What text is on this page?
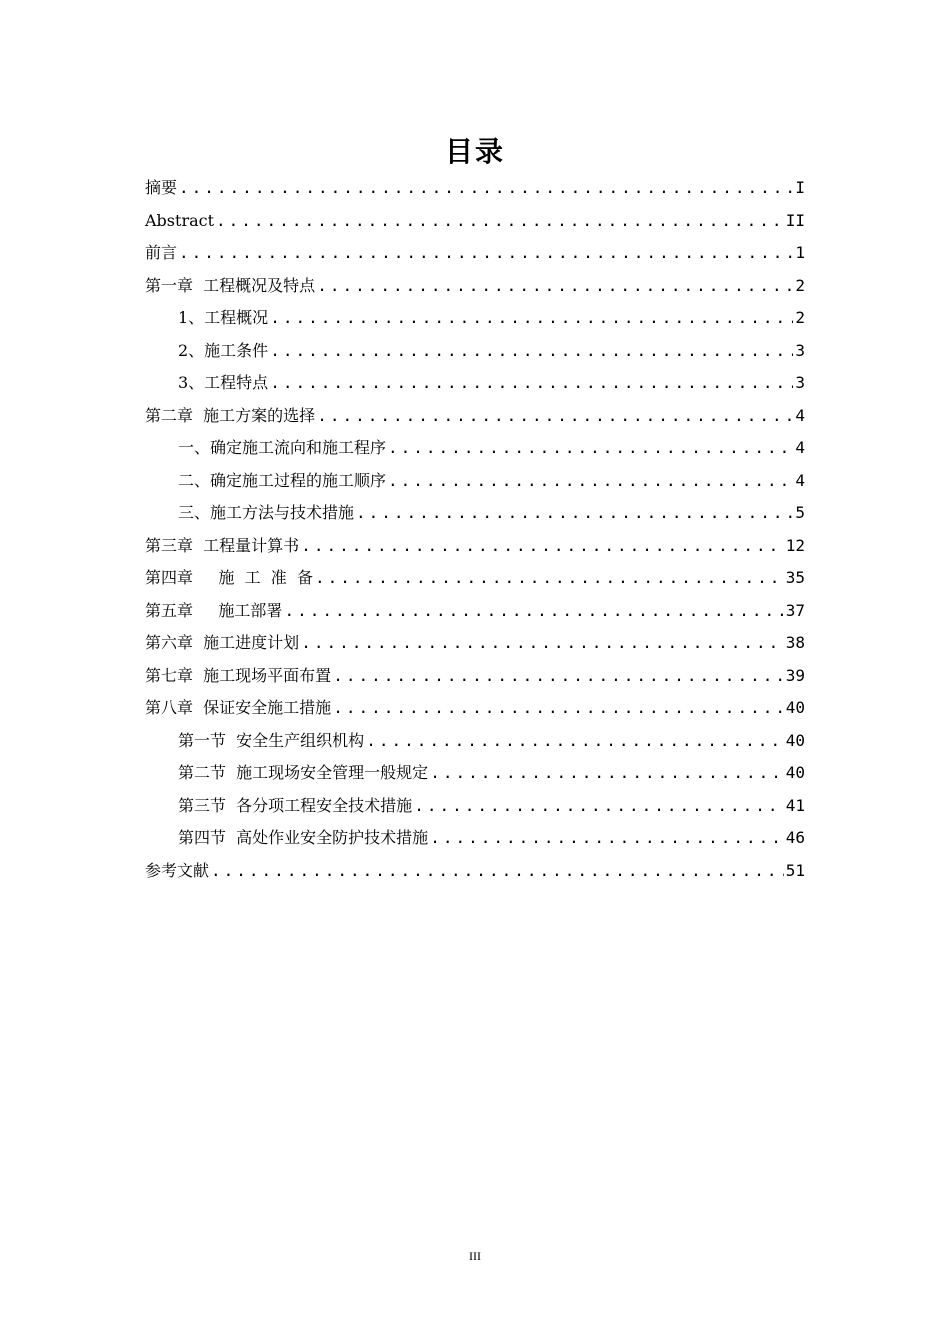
目录
摘要 .....	I
Abstract .....	II
前言 .....	1
第一章  工程概况及特点 .....	2
1、工程概况 .....	2
2、施工条件 .....	3
3、工程特点 .....	3
第二章  施工方案的选择 .....	4
一、确定施工流向和施工程序 .....	4
二、确定施工过程的施工顺序 .....	4
三、施工方法与技术措施 .....	5
第三章  工程量计算书 .....	12
第四章     施  工  准  备 .....	35
第五章     施工部署 .....	37
第六章  施工进度计划 .....	38
第七章  施工现场平面布置 .....	39
第八章  保证安全施工措施 .....	40
第一节  安全生产组织机构 .....	40
第二节  施工现场安全管理一般规定 .....	40
第三节  各分项工程安全技术措施 .....	41
第四节  高处作业安全防护技术措施 .....	46
参考文献 .....	51
III
